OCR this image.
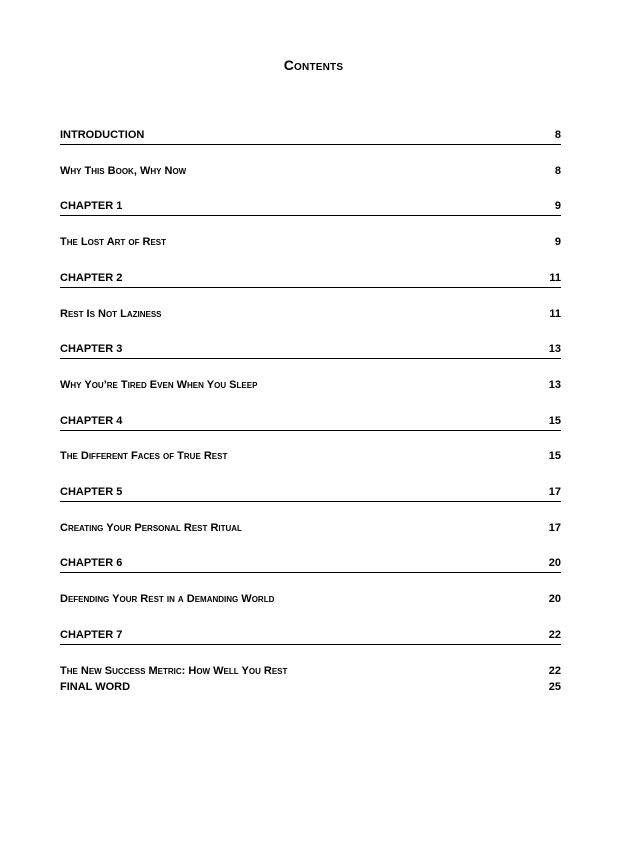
Contents
INTRODUCTION	8
Why This Book, Why Now	8
CHAPTER 1	9
The Lost Art of Rest	9
CHAPTER 2	11
Rest Is Not Laziness	11
CHAPTER 3	13
Why You’re Tired Even When You Sleep	13
CHAPTER 4	15
The Different Faces of True Rest	15
CHAPTER 5	17
Creating Your Personal Rest Ritual	17
CHAPTER 6	20
Defending Your Rest in a Demanding World	20
CHAPTER 7	22
The New Success Metric: How Well You Rest	22
FINAL WORD	25
